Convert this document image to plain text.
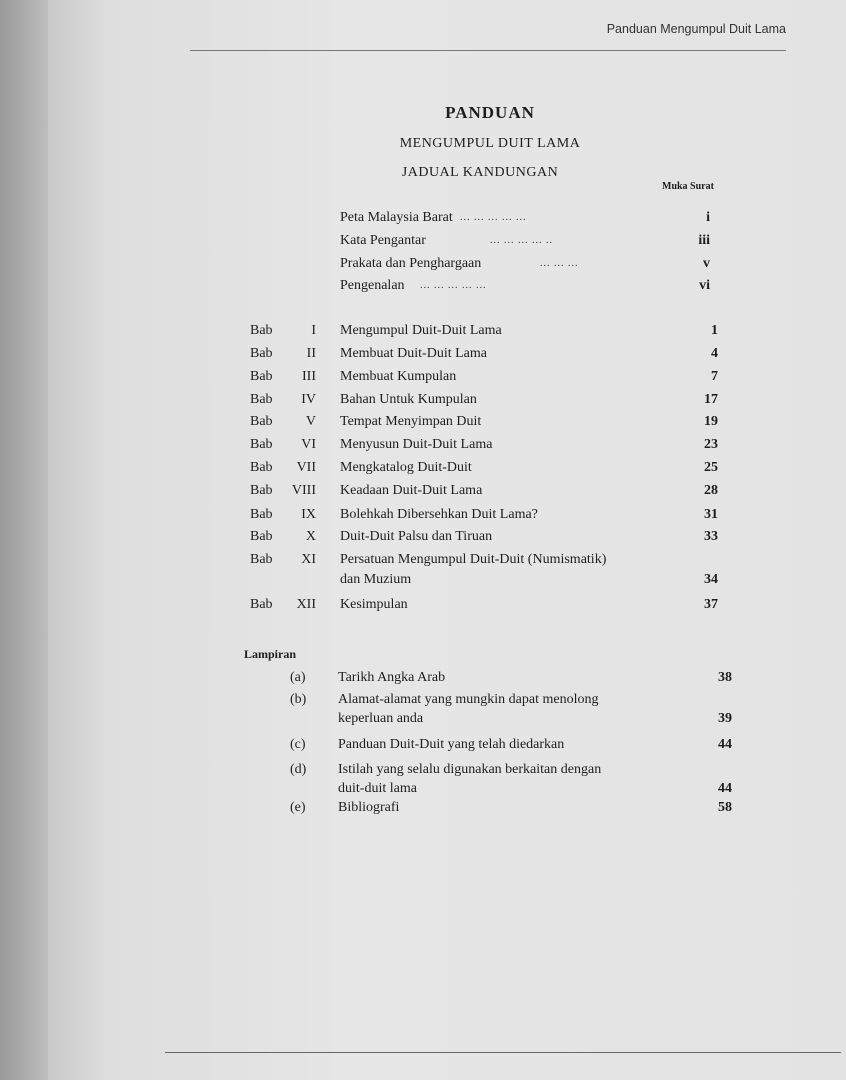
Panduan Mengumpul Duit Lama
PANDUAN
MENGUMPUL DUIT LAMA
JADUAL KANDUNGAN
Muka Surat
Lampiran
Peta Malaysia Barat	i
Kata Pengantar	iii
Prakata dan Penghargaan	v
Pengenalan	vi
Bab	I Mengumpul Duit-Duit Lama	1
Bab	II Membuat Duit-Duit Lama	4
Bab	III Membuat Kumpulan	7
Bab	IV Bahan Untuk Kumpulan	17
Bab	V Tempat Menyimpan Duit	19
Bab	VI Menyusun Duit-Duit Lama	23
Bab	VII Mengkatalog Duit-Duit	25
Bab	VIII Keadaan Duit-Duit Lama	28
Bab	IX Bolehkah Dibersehkan Duit Lama?	31
Bab	X Duit-Duit Palsu dan Tiruan	33
Bab	XI Persatuan Mengumpul Duit-Duit (Numismatik)
dan Muzium	34
Bab	XII Kesimpulan	37
(a) Tarikh Angka Arab	38
(b) Alamat-alamat yang mungkin dapat menolong
keperluan anda	39
(c) Panduan Duit-Duit yang telah diedarkan	44
(d) Istilah yang selalu digunakan berkaitan dengan
duit-duit lama	44
(e) Bibliografi	58
... ... ... ... ...
... ... ... ... ..
... ... ...
... ... ... ... ...
